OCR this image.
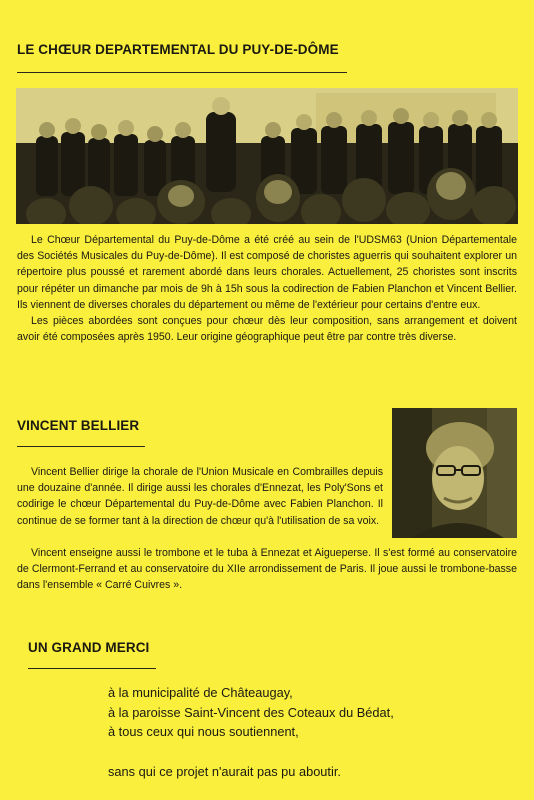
LE CHŒUR DEPARTEMENTAL DU PUY-DE-DÔME

Le Chœur Départemental du Puy-de-Dôme a été créé au sein de l'UDSM63 (Union Départementale des Sociétés Musicales du Puy-de-Dôme). Il est composé de choristes aguerris qui souhaitent explorer un répertoire plus poussé et rarement abordé dans leurs chorales. Actuellement, 25 choristes sont inscrits pour répéter un dimanche par mois de 9h à 15h sous la codirection de Fabien Planchon et Vincent Bellier. Ils viennent de diverses chorales du département ou même de l'extérieur pour certains d'entre eux.

Les pièces abordées sont conçues pour chœur dès leur composition, sans arrangement et doivent avoir été composées après 1950. Leur origine géographique peut être par contre très diverse.

VINCENT BELLIER

Vincent Bellier dirige la chorale de l'Union Musicale en Combrailles depuis une douzaine d'année. Il dirige aussi les chorales d'Ennezat, les Poly'Sons et codirige le chœur Départemental du Puy-de-Dôme avec Fabien Planchon. Il continue de se former tant à la direction de chœur qu'à l'utilisation de sa voix.

Vincent enseigne aussi le trombone et le tuba à Ennezat et Aigueperse. Il s'est formé au conservatoire de Clermont-Ferrand et au conservatoire du XIIe arrondissement de Paris. Il joue aussi le trombone-basse dans l'ensemble « Carré Cuivres ».

UN GRAND MERCI
à la municipalité de Châteaugay,
à la paroisse Saint-Vincent des Coteaux du Bédat,
à tous ceux qui nous soutiennent,
sans qui ce projet n'aurait pas pu aboutir.
